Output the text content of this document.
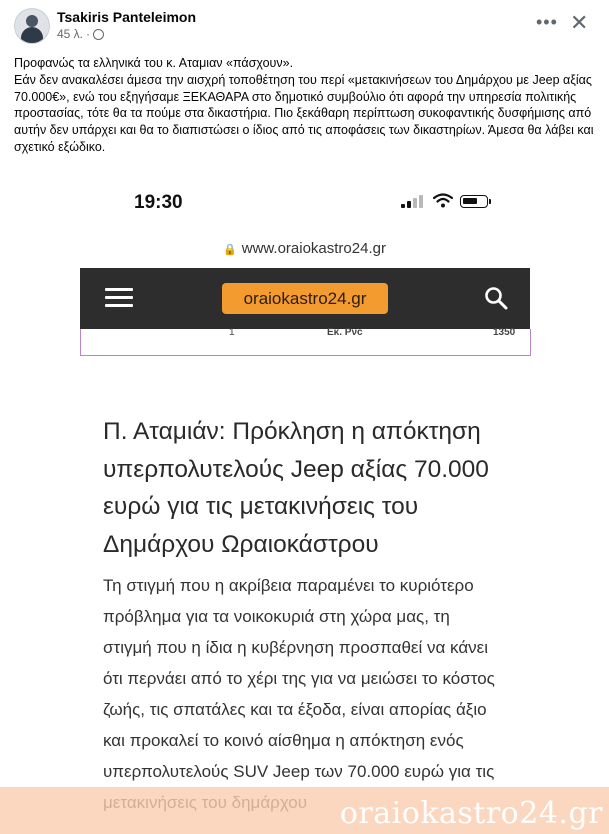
Tsakiris Panteleimon
45 λ. ·
••• ✕

Προφανώς τα ελληνικά του κ. Αταμιαν «πάσχουν».

Εάν δεν ανακαλέσει άμεσα την αισχρή τοποθέτηση του περί «μετακινήσεων του Δημάρχου με Jeep αξίας 70.000€», ενώ του εξηγήσαμε ΞΕΚΑΘΑΡΑ στο δημοτικό συμβούλιο ότι αφορά την υπηρεσία πολιτικής προστασίας, τότε θα τα πούμε στα δικαστήρια. Πιο ξεκάθαρη περίπτωση συκοφαντικής δυσφήμισης από αυτήν δεν υπάρχει και θα το διαπιστώσει ο ίδιος από τις αποφάσεις των δικαστηρίων. Άμεσα θα λάβει και σχετικό εξώδικο.

19:30
🔒 www.oraiokastro24.gr
oraiokastro24.gr
1	Εκ. Ρνc	1350
Π. Αταμιάν: Πρόκληση η απόκτηση υπερπολυτελούς Jeep αξίας 70.000 ευρώ για τις μετακινήσεις του Δημάρχου Ωραιοκάστρου

Τη στιγμή που η ακρίβεια παραμένει το κυριότερο πρόβλημα για τα νοικοκυριά στη χώρα μας, τη στιγμή που η ίδια η κυβέρνηση προσπαθεί να κάνει ότι περνάει από το χέρι της για να μειώσει το κόστος ζωής, τις σπατάλες και τα έξοδα, είναι απορίας άξιο και προκαλεί το κοινό αίσθημα η απόκτηση ενός υπερπολυτελούς SUV Jeep των 70.000 ευρώ για τις

oraiokastro24.gr
